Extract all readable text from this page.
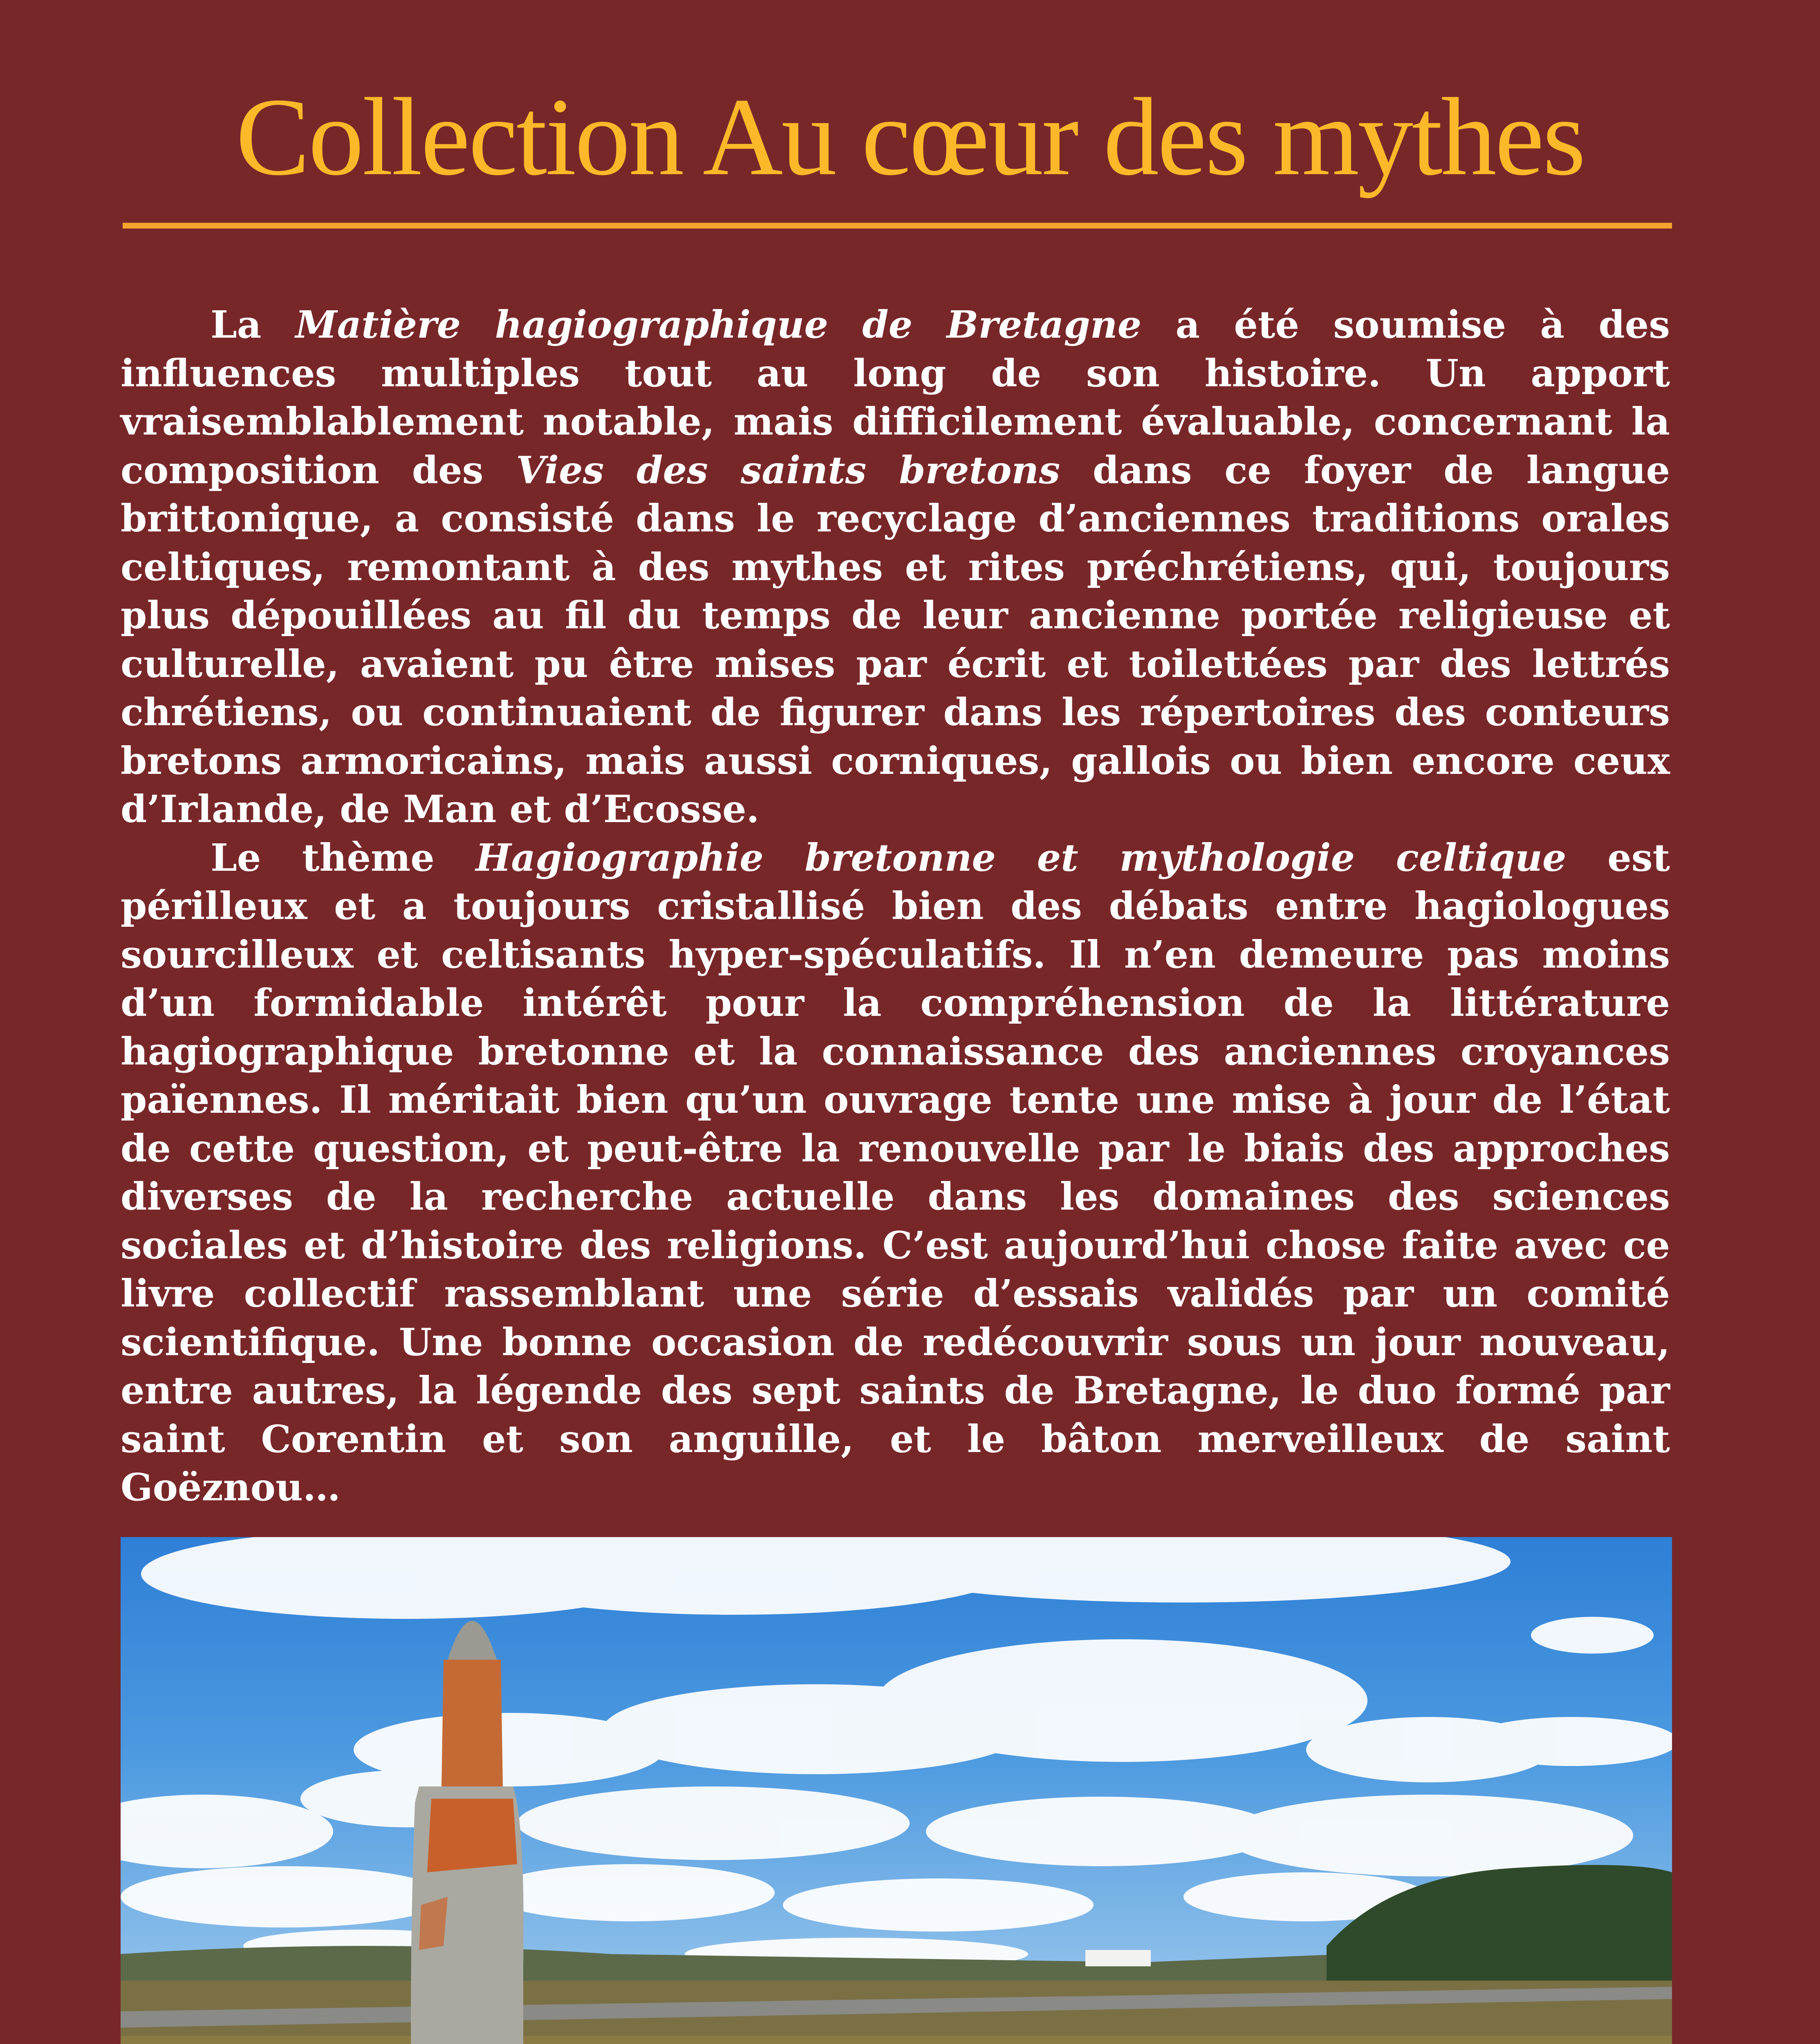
Collection Au cœur des mythes

La Matière hagiographique de Bretagne a été soumise à des influences multiples tout au long de son histoire. Un apport vraisemblablement notable, mais difficilement évaluable, concernant la composition des Vies des saints bretons dans ce foyer de langue brittonique, a consisté dans le recyclage d’anciennes traditions orales celtiques, remontant à des mythes et rites préchrétiens, qui, toujours plus dépouillées au fil du temps de leur ancienne portée religieuse et culturelle, avaient pu être mises par écrit et toilettées par des lettrés chrétiens, ou continuaient de figurer dans les répertoires des conteurs bretons armoricains, mais aussi corniques, gallois ou bien encore ceux d’Irlande, de Man et d’Ecosse.

Le thème Hagiographie bretonne et mythologie celtique est périlleux et a toujours cristallisé bien des débats entre hagiologues sourcilleux et celtisants hyper-spéculatifs. Il n’en demeure pas moins d’un formidable intérêt pour la compréhension de la littérature hagiographique bretonne et la connaissance des anciennes croyances païennes. Il méritait bien qu’un ouvrage tente une mise à jour de l’état de cette question, et peut-être la renouvelle par le biais des approches diverses de la recherche actuelle dans les domaines des sciences sociales et d’histoire des religions. C’est aujourd’hui chose faite avec ce livre collectif rassemblant une série d’essais validés par un comité scientifique. Une bonne occasion de redécouvrir sous un jour nouveau, entre autres, la légende des sept saints de Bretagne, le duo formé par saint Corentin et son anguille, et le bâton merveilleux de saint Goëznou…
